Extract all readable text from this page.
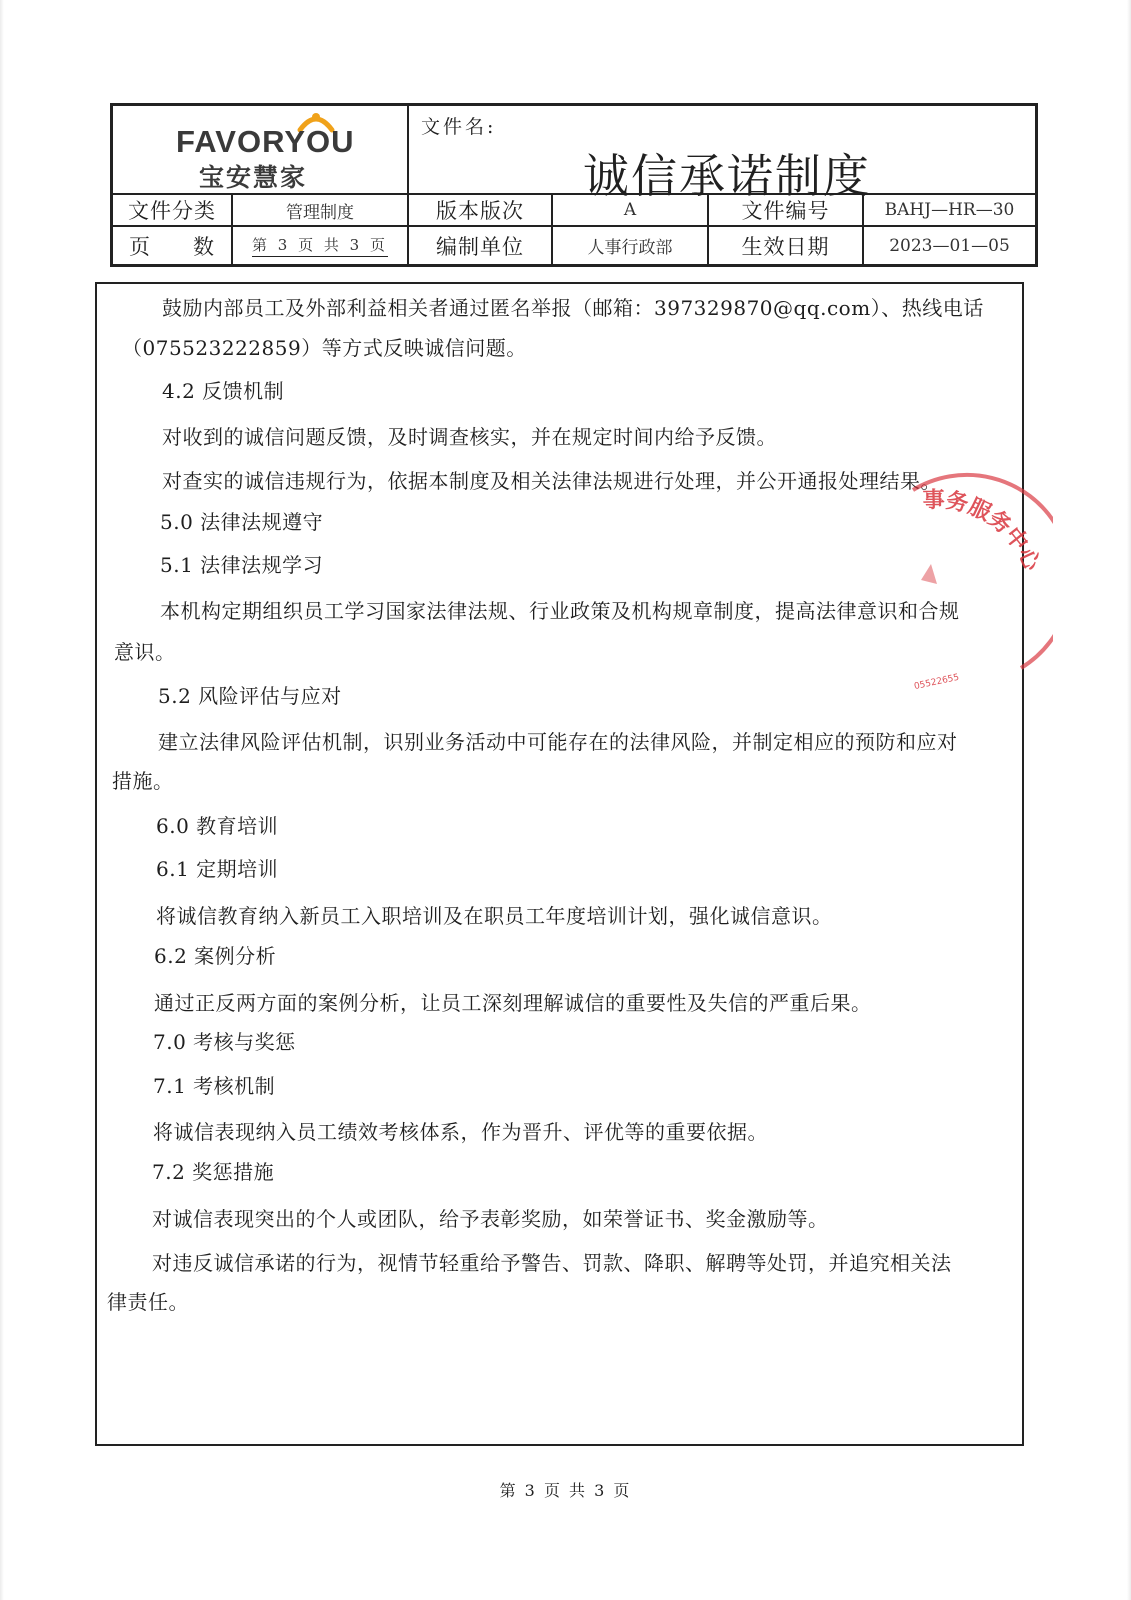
FAVORYOU
宝安慧家
文件名:
诚信承诺制度
文件分类	管理制度	版本版次	A	文件编号	BAHJ—HR—30
页 数 第 3 页 共 3 页	编制单位	人事行政部	生效日期	2023—01—05
鼓励内部员工及外部利益相关者通过匿名举报（邮箱：397329870@qq.com）、热线电话
（075523222859）等方式反映诚信问题。
4.2 反馈机制
对收到的诚信问题反馈，及时调查核实，并在规定时间内给予反馈。
对查实的诚信违规行为，依据本制度及相关法律法规进行处理，并公开通报处理结果。
5.0 法律法规遵守
5.1 法律法规学习
本机构定期组织员工学习国家法律法规、行业政策及机构规章制度，提高法律意识和合规
意识。
5.2 风险评估与应对
建立法律风险评估机制，识别业务活动中可能存在的法律风险，并制定相应的预防和应对
措施。
6.0 教育培训
6.1 定期培训
将诚信教育纳入新员工入职培训及在职员工年度培训计划，强化诚信意识。
6.2 案例分析
通过正反两方面的案例分析，让员工深刻理解诚信的重要性及失信的严重后果。
7.0 考核与奖惩
7.1 考核机制
将诚信表现纳入员工绩效考核体系，作为晋升、评优等的重要依据。
7.2 奖惩措施
对诚信表现突出的个人或团队，给予表彰奖励，如荣誉证书、奖金激励等。
对违反诚信承诺的行为，视情节轻重给予警告、罚款、降职、解聘等处罚，并追究相关法
律责任。
事务服务中心
05522655
第 3 页 共 3 页
